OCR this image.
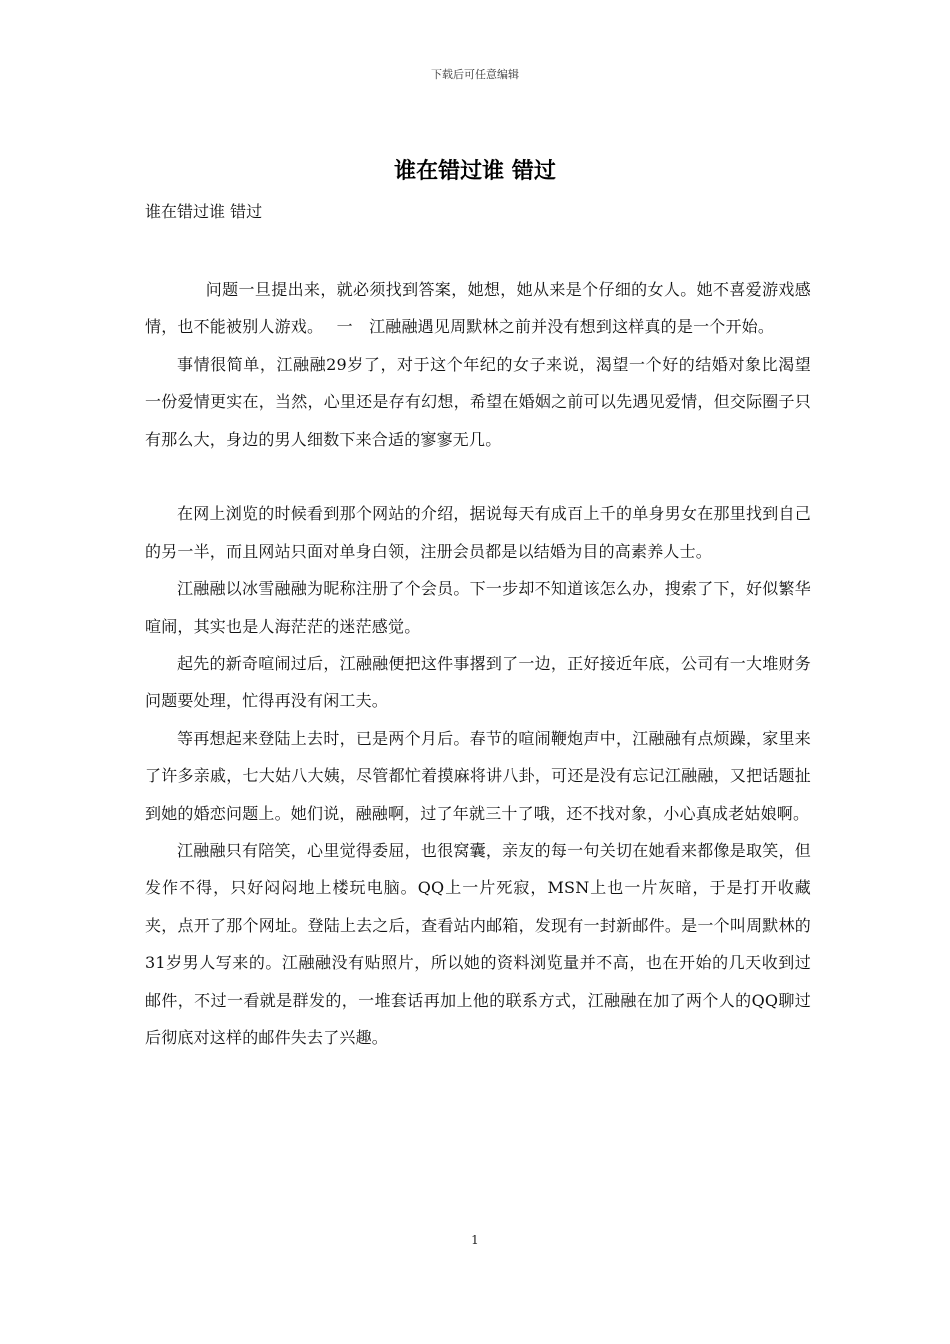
下载后可任意编辑
谁在错过谁 错过
谁在错过谁 错过

问题一旦提出来，就必须找到答案，她想，她从来是个仔细的女人。她不喜爱游戏感情，也不能被别人游戏。　 一　江融融遇见周默林之前并没有想到这样真的是一个开始。

事情很简单，江融融29岁了，对于这个年纪的女子来说，渴望一个好的结婚对象比渴望一份爱情更实在，当然，心里还是存有幻想，希望在婚姻之前可以先遇见爱情，但交际圈子只有那么大，身边的男人细数下来合适的寥寥无几。

在网上浏览的时候看到那个网站的介绍，据说每天有成百上千的单身男女在那里找到自己的另一半，而且网站只面对单身白领，注册会员都是以结婚为目的高素养人士。

江融融以冰雪融融为昵称注册了个会员。下一步却不知道该怎么办，搜索了下，好似繁华喧闹，其实也是人海茫茫的迷茫感觉。

起先的新奇喧闹过后，江融融便把这件事撂到了一边，正好接近年底，公司有一大堆财务问题要处理，忙得再没有闲工夫。

等再想起来登陆上去时，已是两个月后。春节的喧闹鞭炮声中，江融融有点烦躁，家里来了许多亲戚，七大姑八大姨，尽管都忙着摸麻将讲八卦，可还是没有忘记江融融，又把话题扯到她的婚恋问题上。她们说，融融啊，过了年就三十了哦，还不找对象，小心真成老姑娘啊。

江融融只有陪笑，心里觉得委屈，也很窝囊，亲友的每一句关切在她看来都像是取笑，但发作不得，只好闷闷地上楼玩电脑。QQ上一片死寂，MSN上也一片灰暗，于是打开收藏夹，点开了那个网址。登陆上去之后，查看站内邮箱，发现有一封新邮件。是一个叫周默林的31岁男人写来的。江融融没有贴照片，所以她的资料浏览量并不高，也在开始的几天收到过邮件，不过一看就是群发的，一堆套话再加上他的联系方式，江融融在加了两个人的QQ聊过后彻底对这样的邮件失去了兴趣。

1
